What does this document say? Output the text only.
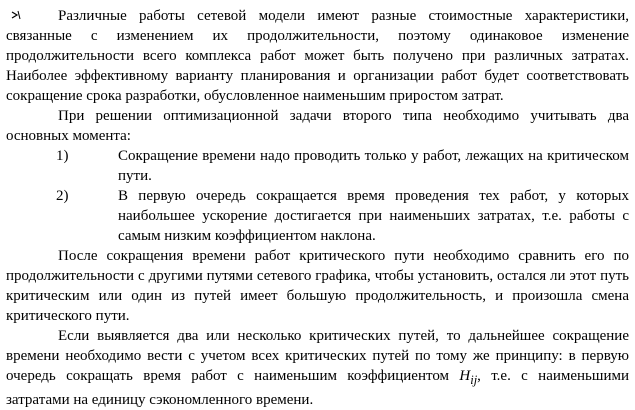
Различные работы сетевой модели имеют разные стоимостные характеристики, связанные с изменением их продолжительности, поэтому одинаковое изменение продолжительности всего комплекса работ может быть получено при различных затратах. Наиболее эффективному варианту планирования и организации работ будет соответствовать сокращение срока разработки, обусловленное наименьшим приростом затрат.

При решении оптимизационной задачи второго типа необходимо учитывать два основных момента:

1)	Сокращение времени надо проводить только у работ, лежащих на критическом пути.
2)	В первую очередь сокращается время проведения тех работ, у которых наибольшее ускорение достигается при наименьших затратах, т.е. работы с самым низким коэффициентом наклона.

После сокращения времени работ критического пути необходимо сравнить его по продолжительности с другими путями сетевого графика, чтобы установить, остался ли этот путь критическим или один из путей имеет большую продолжительность, и произошла смена критического пути.

Если выявляется два или несколько критических путей, то дальнейшее сокращение времени необходимо вести с учетом всех критических путей по тому же принципу: в первую очередь сокращать время работ с наименьшим коэффициентом $H_{ij}$, т.е. с наименьшими затратами на единицу сэкономленного времени.
